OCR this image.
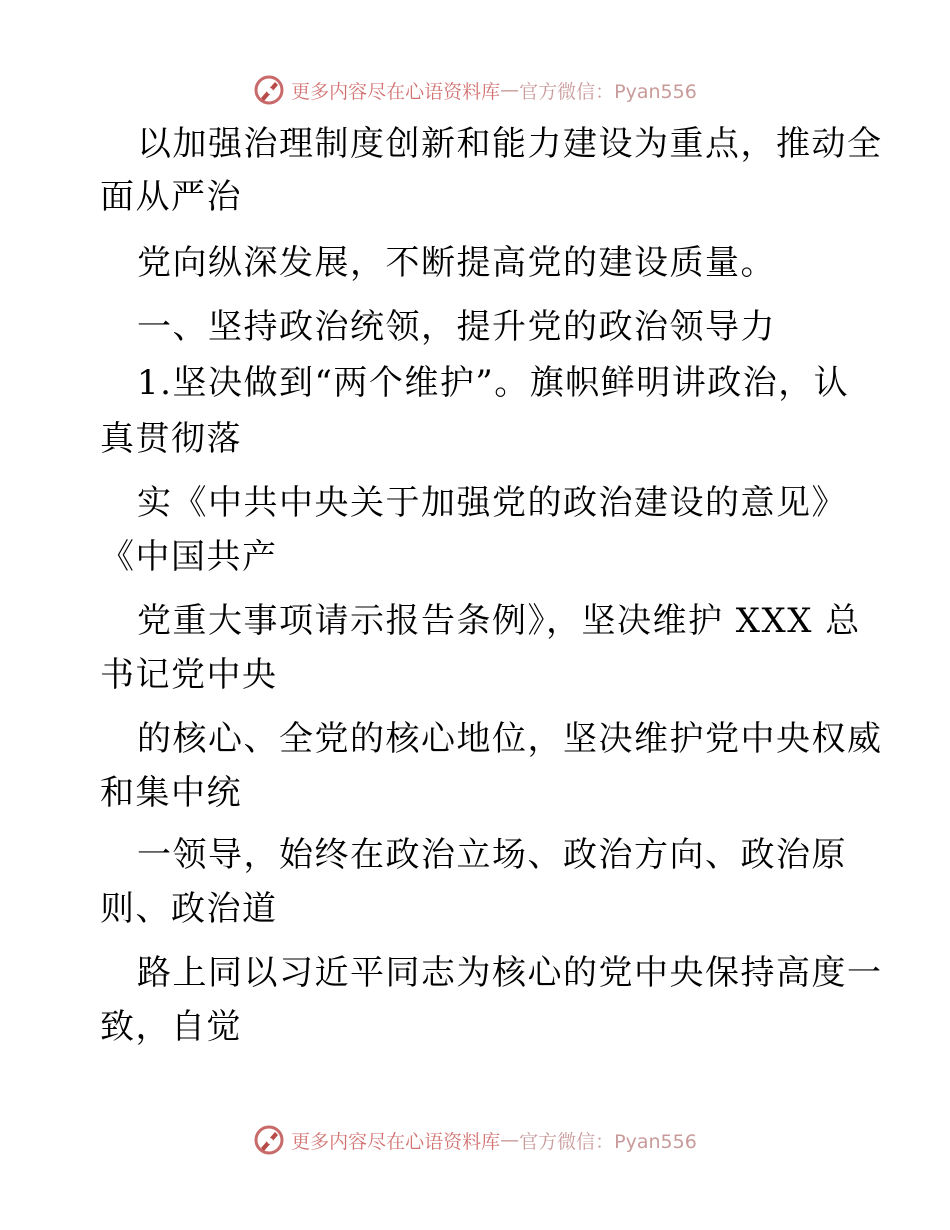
更多内容尽在心语资料库 — 官方微信：Pyan556
以加强治理制度创新和能力建设为重点，推动全
面从严治
党向纵深发展，不断提高党的建设质量。
一、坚持政治统领，提升党的政治领导力
1.坚决做到“两个维护”。旗帜鲜明讲政治，认
真贯彻落
实《中共中央关于加强党的政治建设的意见》
《中国共产
党重大事项请示报告条例》，坚决维护 XXX 总
书记党中央
的核心、全党的核心地位，坚决维护党中央权威
和集中统
一领导，始终在政治立场、政治方向、政治原
则、政治道
路上同以习近平同志为核心的党中央保持高度一
致，自觉
更多内容尽在心语资料库 — 官方微信：Pyan556
